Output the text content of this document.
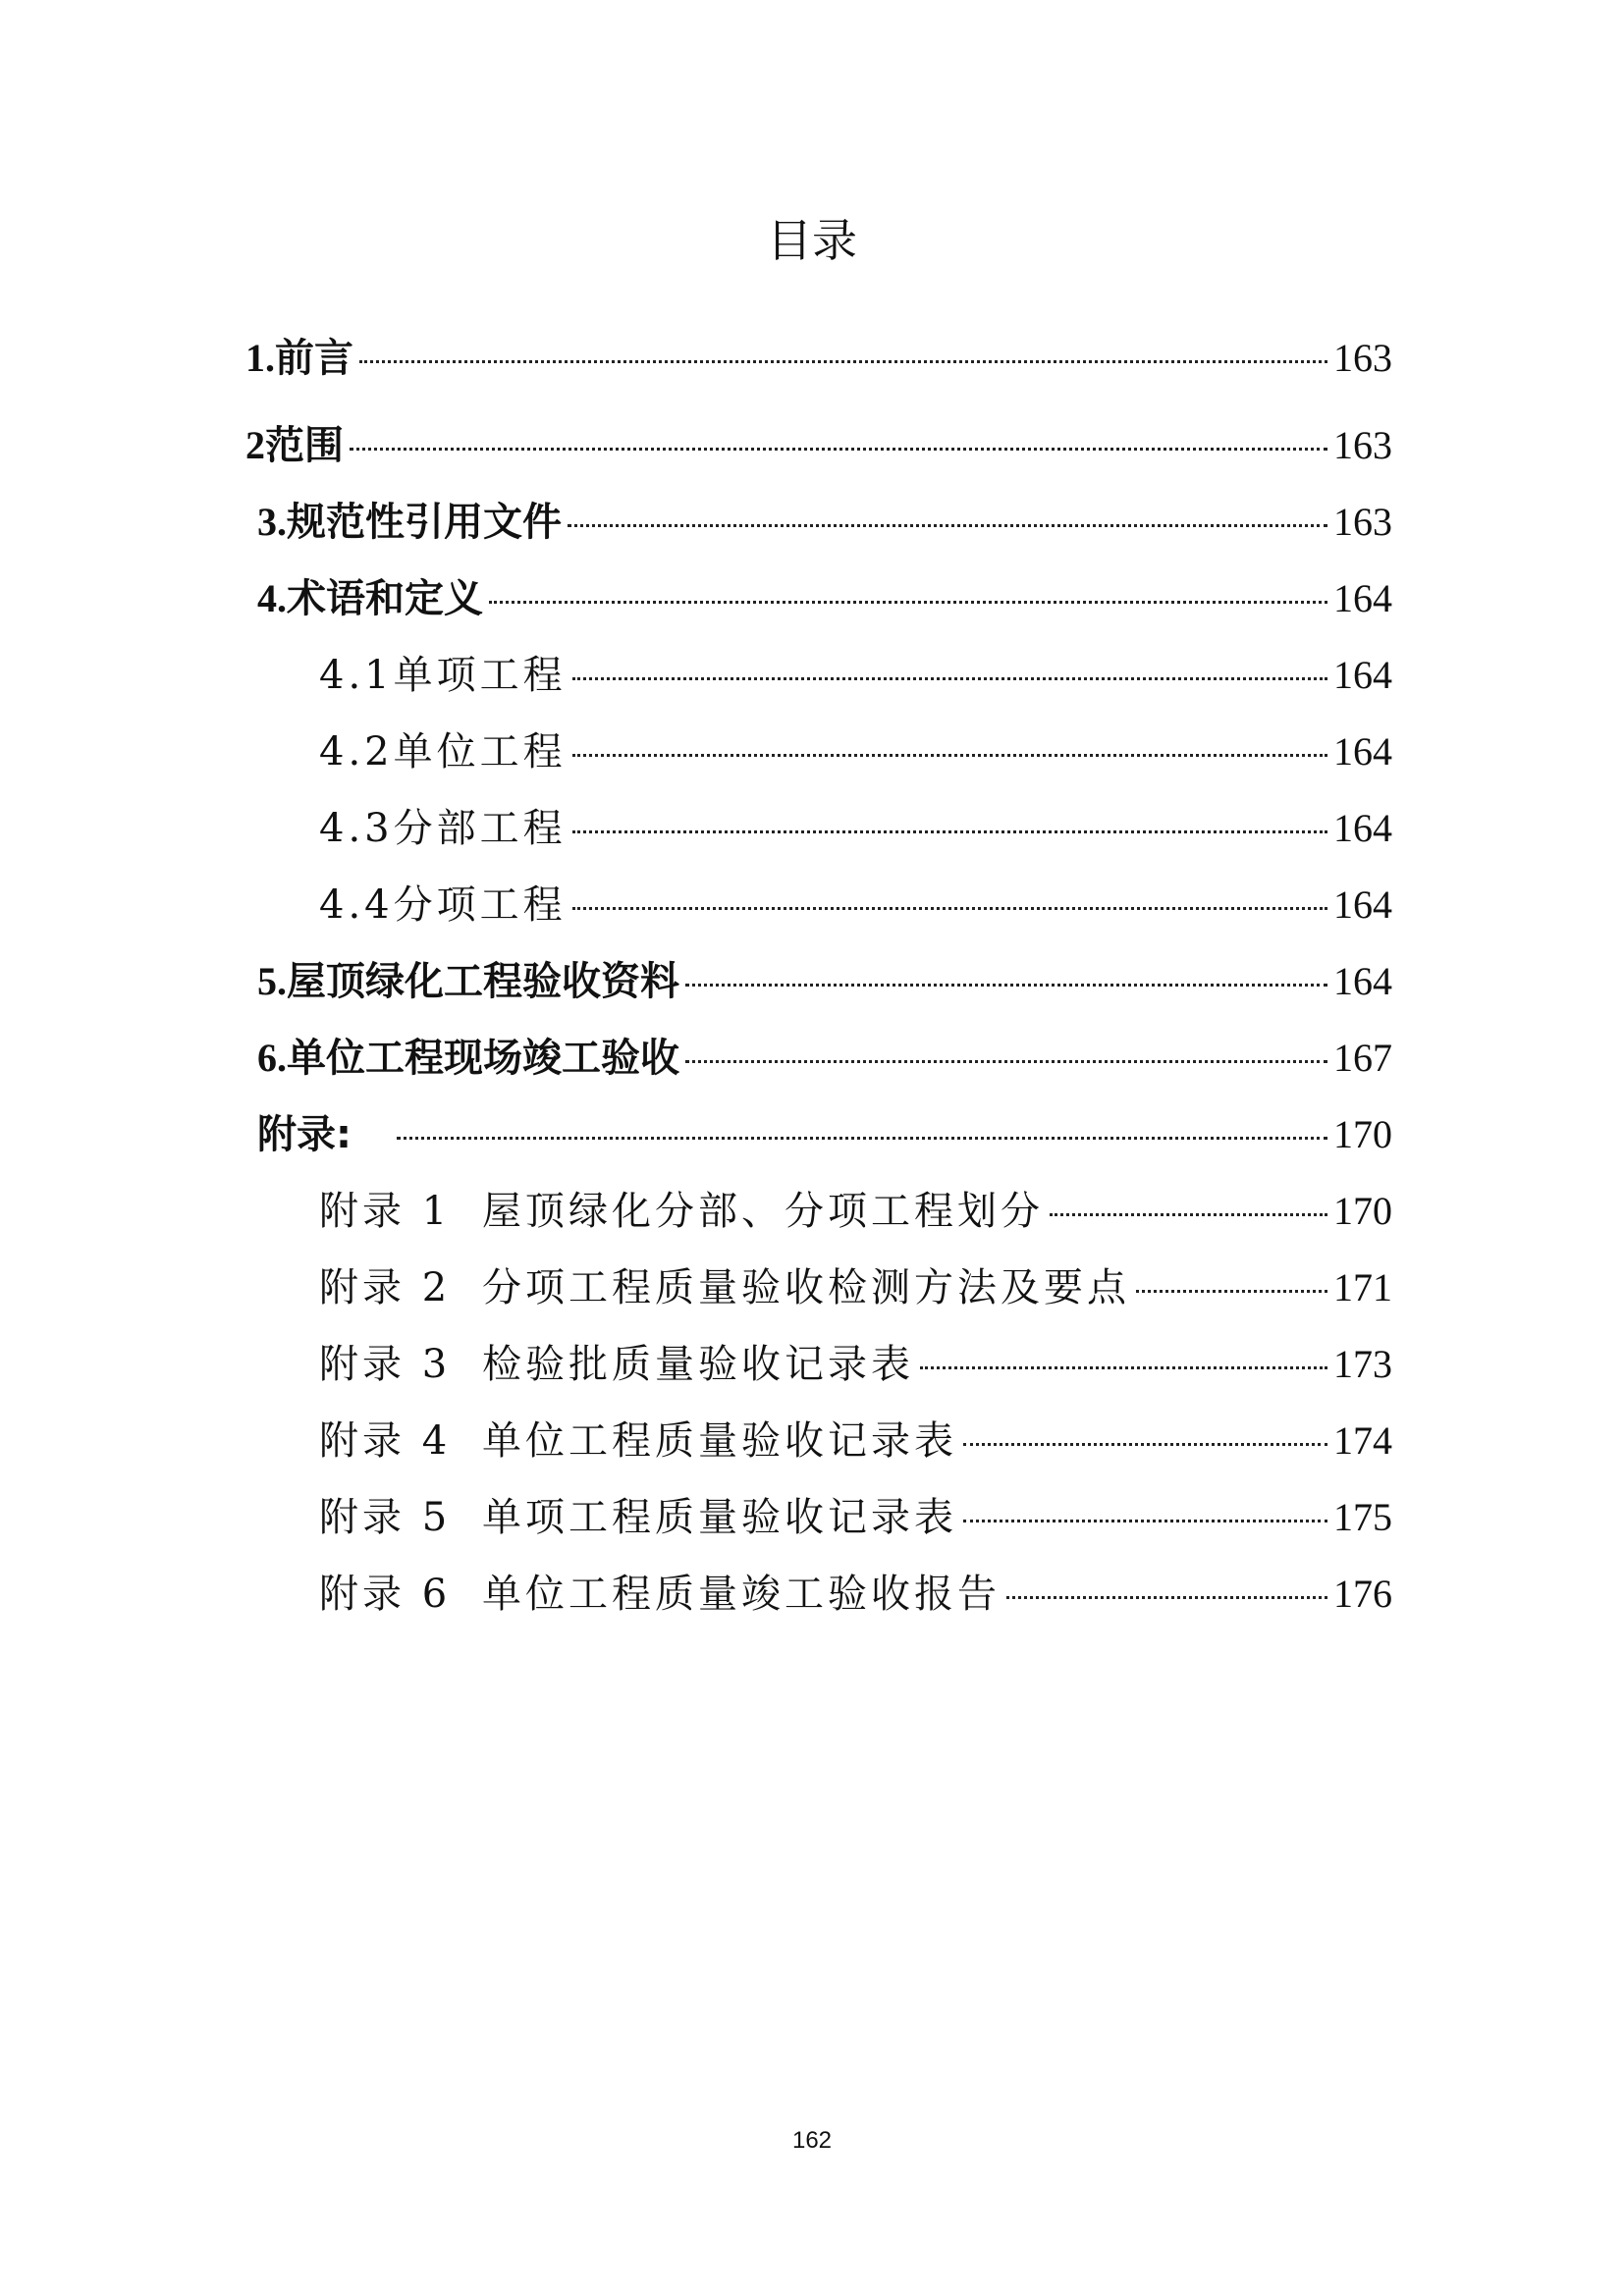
目录
1. 前言	163
2 范围	163
3. 规范性引用文件	163
4. 术语和定义	164
4.1 单项工程	164
4.2 单位工程	164
4.3 分部工程	164
4.4 分项工程	164
5. 屋顶绿化工程验收资料	164
6. 单位工程现场竣工验收	167
附录:	170
附录 1 屋顶绿化分部、分项工程划分	170
附录 2 分项工程质量验收检测方法及要点	171
附录 3 检验批质量验收记录表	173
附录 4 单位工程质量验收记录表	174
附录 5 单项工程质量验收记录表	175
附录 6 单位工程质量竣工验收报告	176
162
